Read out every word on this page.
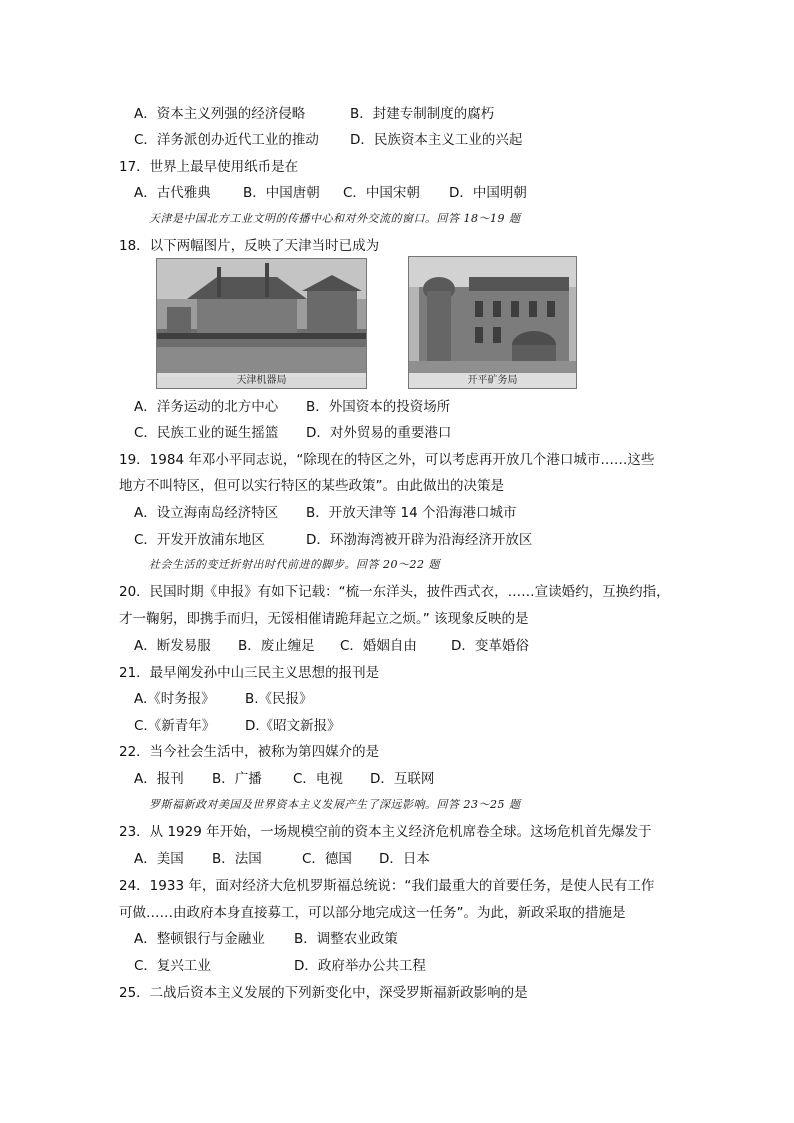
A．资本主义列强的经济侵略	B．封建专制制度的腐朽
C．洋务派创办近代工业的推动 D．民族资本主义工业的兴起
17．世界上最早使用纸币是在
A．古代雅典 B．中国唐朝 C．中国宋朝 D．中国明朝
天津是中国北方工业文明的传播中心和对外交流的窗口。回答 18～19 题
18．以下两幅图片，反映了天津当时已成为
天津机器局	开平矿务局
A．洋务运动的北方中心 B．外国资本的投资场所
C．民族工业的诞生摇篮 D．对外贸易的重要港口
19．1984 年邓小平同志说，“除现在的特区之外，可以考虑再开放几个港口城市……这些
地方不叫特区，但可以实行特区的某些政策”。由此做出的决策是
A．设立海南岛经济特区 B．开放天津等 14 个沿海港口城市
C．开发开放浦东地区	D．环渤海湾被开辟为沿海经济开放区
社会生活的变迁折射出时代前进的脚步。回答 20～22 题
20．民国时期《申报》有如下记载：“梳一东洋头，披件西式衣，……宣读婚约，互换约指，
才一鞠躬，即携手而归，无馁相催请跪拜起立之烦。” 该现象反映的是
A．断发易服 B．废止缠足 C．婚姻自由	D．变革婚俗
21．最早阐发孙中山三民主义思想的报刊是
A.《时务报》 B.《民报》
C.《新青年》 D.《昭文新报》
22．当今社会生活中，被称为第四媒介的是
A．报刊 B．广播 C．电视 D．互联网
罗斯福新政对美国及世界资本主义发展产生了深远影响。回答 23～25 题
23．从 1929 年开始，一场规模空前的资本主义经济危机席卷全球。这场危机首先爆发于
A．美国 B．法国	C．德国 D．日本
24．1933 年，面对经济大危机罗斯福总统说：“我们最重大的首要任务，是使人民有工作
可做……由政府本身直接募工，可以部分地完成这一任务”。为此，新政采取的措施是
A．整顿银行与金融业 B．调整农业政策
C．复兴工业	D．政府举办公共工程
25．二战后资本主义发展的下列新变化中，深受罗斯福新政影响的是
